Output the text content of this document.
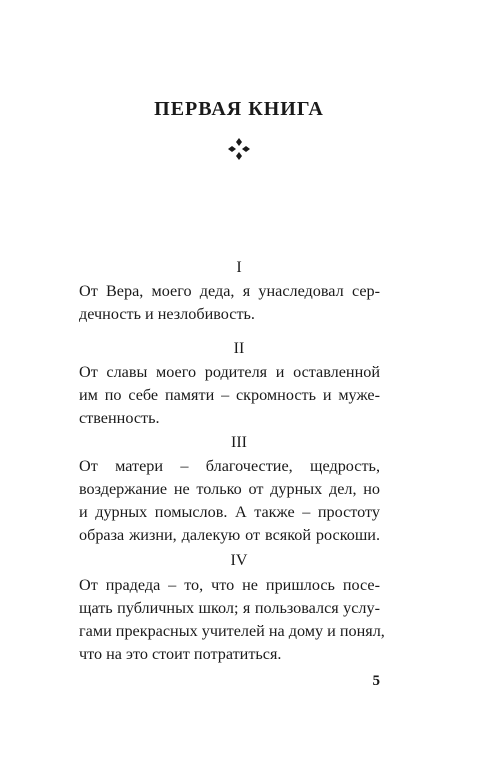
ПЕРВАЯ КНИГА
I
От Вера, моего деда, я унаследовал сер-
дечность и незлобивость.
II
От славы моего родителя и оставленной
им по себе памяти – скромность и муже-
ственность.
III
От матери – благочестие, щедрость,
воздержание не только от дурных дел, но
и дурных помыслов. А также – простоту
образа жизни, далекую от всякой роскоши.
IV
От прадеда – то, что не пришлось посе-
щать публичных школ; я пользовался услу-
гами прекрасных учителей на дому и понял,
что на это стоит потратиться.
5
